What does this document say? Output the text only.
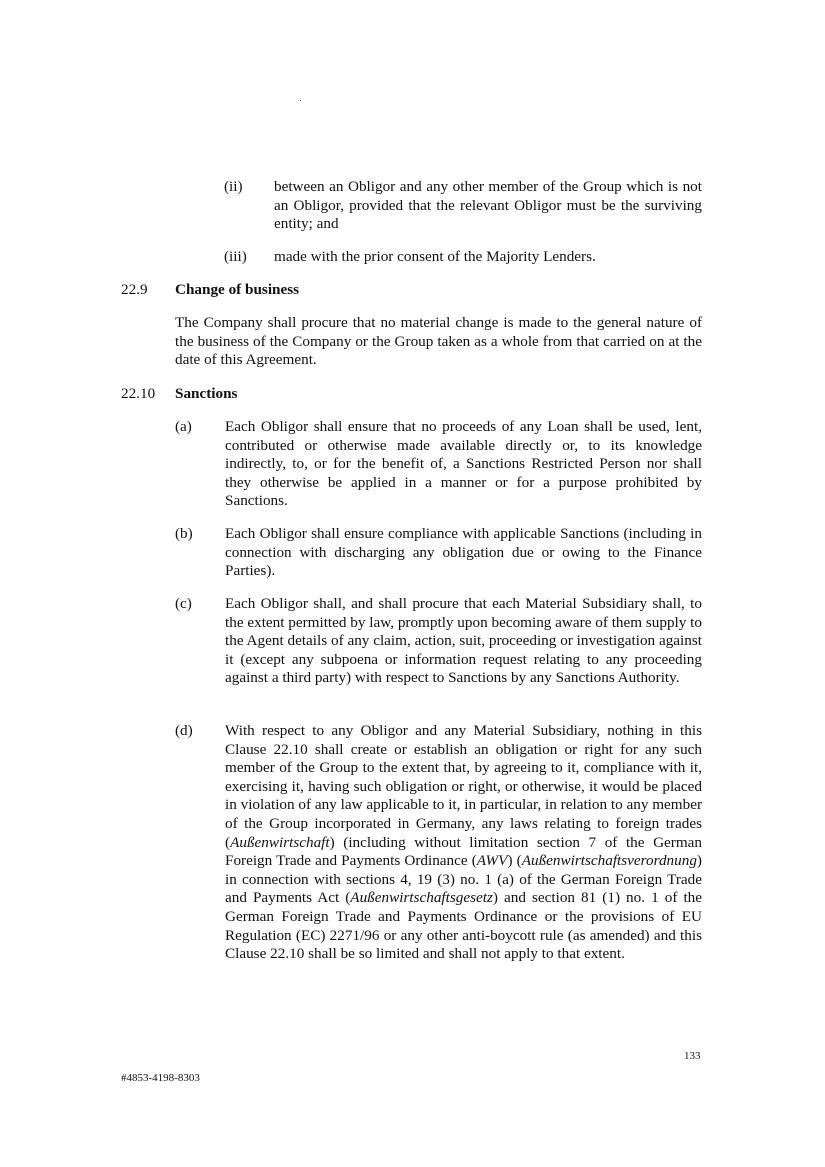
(ii)	between an Obligor and any other member of the Group which is not an Obligor, provided that the relevant Obligor must be the surviving entity; and
(iii)	made with the prior consent of the Majority Lenders.
22.9 Change of business
The Company shall procure that no material change is made to the general nature of the business of the Company or the Group taken as a whole from that carried on at the date of this Agreement.
22.10 Sanctions
(a)	Each Obligor shall ensure that no proceeds of any Loan shall be used, lent, contributed or otherwise made available directly or, to its knowledge indirectly, to, or for the benefit of, a Sanctions Restricted Person nor shall they otherwise be applied in a manner or for a purpose prohibited by Sanctions.
(b)	Each Obligor shall ensure compliance with applicable Sanctions (including in connection with discharging any obligation due or owing to the Finance Parties).
(c)	Each Obligor shall, and shall procure that each Material Subsidiary shall, to the extent permitted by law, promptly upon becoming aware of them supply to the Agent details of any claim, action, suit, proceeding or investigation against it (except any subpoena or information request relating to any proceeding against a third party) with respect to Sanctions by any Sanctions Authority.
(d)	With respect to any Obligor and any Material Subsidiary, nothing in this Clause 22.10 shall create or establish an obligation or right for any such member of the Group to the extent that, by agreeing to it, compliance with it, exercising it, having such obligation or right, or otherwise, it would be placed in violation of any law applicable to it, in particular, in relation to any member of the Group incorporated in Germany, any laws relating to foreign trades (Außenwirtschaft) (including without limitation section 7 of the German Foreign Trade and Payments Ordinance (AWV) (Außenwirtschaftsverordnung) in connection with sections 4, 19 (3) no. 1 (a) of the German Foreign Trade and Payments Act (Außenwirtschaftsgesetz) and section 81 (1) no. 1 of the German Foreign Trade and Payments Ordinance or the provisions of EU Regulation (EC) 2271/96 or any other anti-boycott rule (as amended) and this Clause 22.10 shall be so limited and shall not apply to that extent.
133
#4853-4198-8303
